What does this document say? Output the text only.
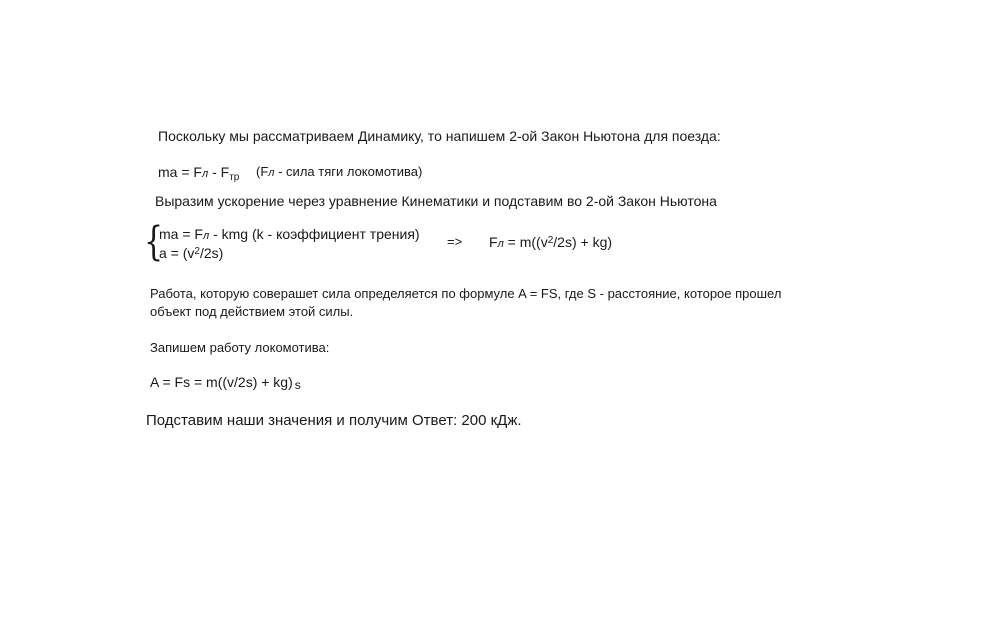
Поскольку мы рассматриваем Динамику, то напишем 2-ой Закон Ньютона для поезда:
ma = Fл - $F_{тр}$ (Fл - сила тяги локомотива)
Выразим ускорение через уравнение Кинематики и подставим во 2-ой Закон Ньютона
{
ma = Fл - kmg (k - коэффициент трения)
$a = (v^2/2s)$
=> Fл = $m((v^2/2s) + kg)$
Работа, которую соверашет сила определяется по формуле A = FS, где S - расстояние, которое прошел
объект под действием этой силы.
Запишем работу локомотива:
A = Fs = m((v/2s) + kg) s
Подставим наши значения и получим Ответ: 200 кДж.
